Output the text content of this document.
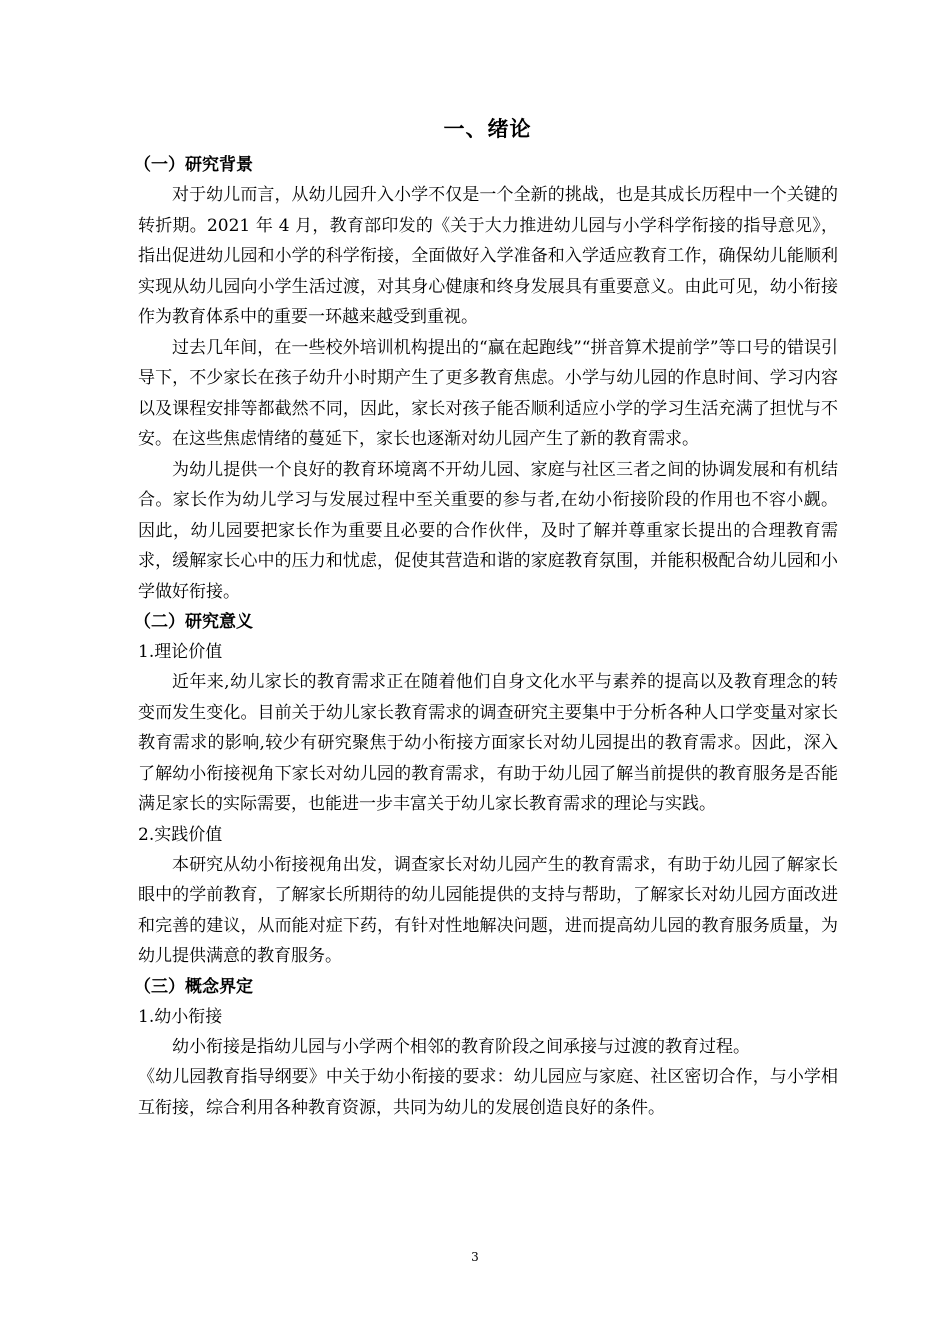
一、绪论
（一）研究背景

对于幼儿而言，从幼儿园升入小学不仅是一个全新的挑战，也是其成长历程中一个关键的转折期。2021 年 4 月，教育部印发的《关于大力推进幼儿园与小学科学衔接的指导意见》，指出促进幼儿园和小学的科学衔接，全面做好入学准备和入学适应教育工作，确保幼儿能顺利实现从幼儿园向小学生活过渡，对其身心健康和终身发展具有重要意义。由此可见，幼小衔接作为教育体系中的重要一环越来越受到重视。

过去几年间，在一些校外培训机构提出的“赢在起跑线”“拼音算术提前学”等口号的错误引导下，不少家长在孩子幼升小时期产生了更多教育焦虑。小学与幼儿园的作息时间、学习内容以及课程安排等都截然不同，因此，家长对孩子能否顺利适应小学的学习生活充满了担忧与不安。在这些焦虑情绪的蔓延下，家长也逐渐对幼儿园产生了新的教育需求。

为幼儿提供一个良好的教育环境离不开幼儿园、家庭与社区三者之间的协调发展和有机结合。家长作为幼儿学习与发展过程中至关重要的参与者,在幼小衔接阶段的作用也不容小觑。因此，幼儿园要把家长作为重要且必要的合作伙伴，及时了解并尊重家长提出的合理教育需求，缓解家长心中的压力和忧虑，促使其营造和谐的家庭教育氛围，并能积极配合幼儿园和小学做好衔接。

（二）研究意义
1.理论价值

近年来,幼儿家长的教育需求正在随着他们自身文化水平与素养的提高以及教育理念的转变而发生变化。目前关于幼儿家长教育需求的调查研究主要集中于分析各种人口学变量对家长教育需求的影响,较少有研究聚焦于幼小衔接方面家长对幼儿园提出的教育需求。因此，深入了解幼小衔接视角下家长对幼儿园的教育需求，有助于幼儿园了解当前提供的教育服务是否能满足家长的实际需要，也能进一步丰富关于幼儿家长教育需求的理论与实践。

2.实践价值

本研究从幼小衔接视角出发，调查家长对幼儿园产生的教育需求，有助于幼儿园了解家长眼中的学前教育，了解家长所期待的幼儿园能提供的支持与帮助，了解家长对幼儿园方面改进和完善的建议，从而能对症下药，有针对性地解决问题，进而提高幼儿园的教育服务质量，为幼儿提供满意的教育服务。

（三）概念界定
1.幼小衔接

幼小衔接是指幼儿园与小学两个相邻的教育阶段之间承接与过渡的教育过程。

《幼儿园教育指导纲要》中关于幼小衔接的要求：幼儿园应与家庭、社区密切合作，与小学相互衔接，综合利用各种教育资源，共同为幼儿的发展创造良好的条件。

3
